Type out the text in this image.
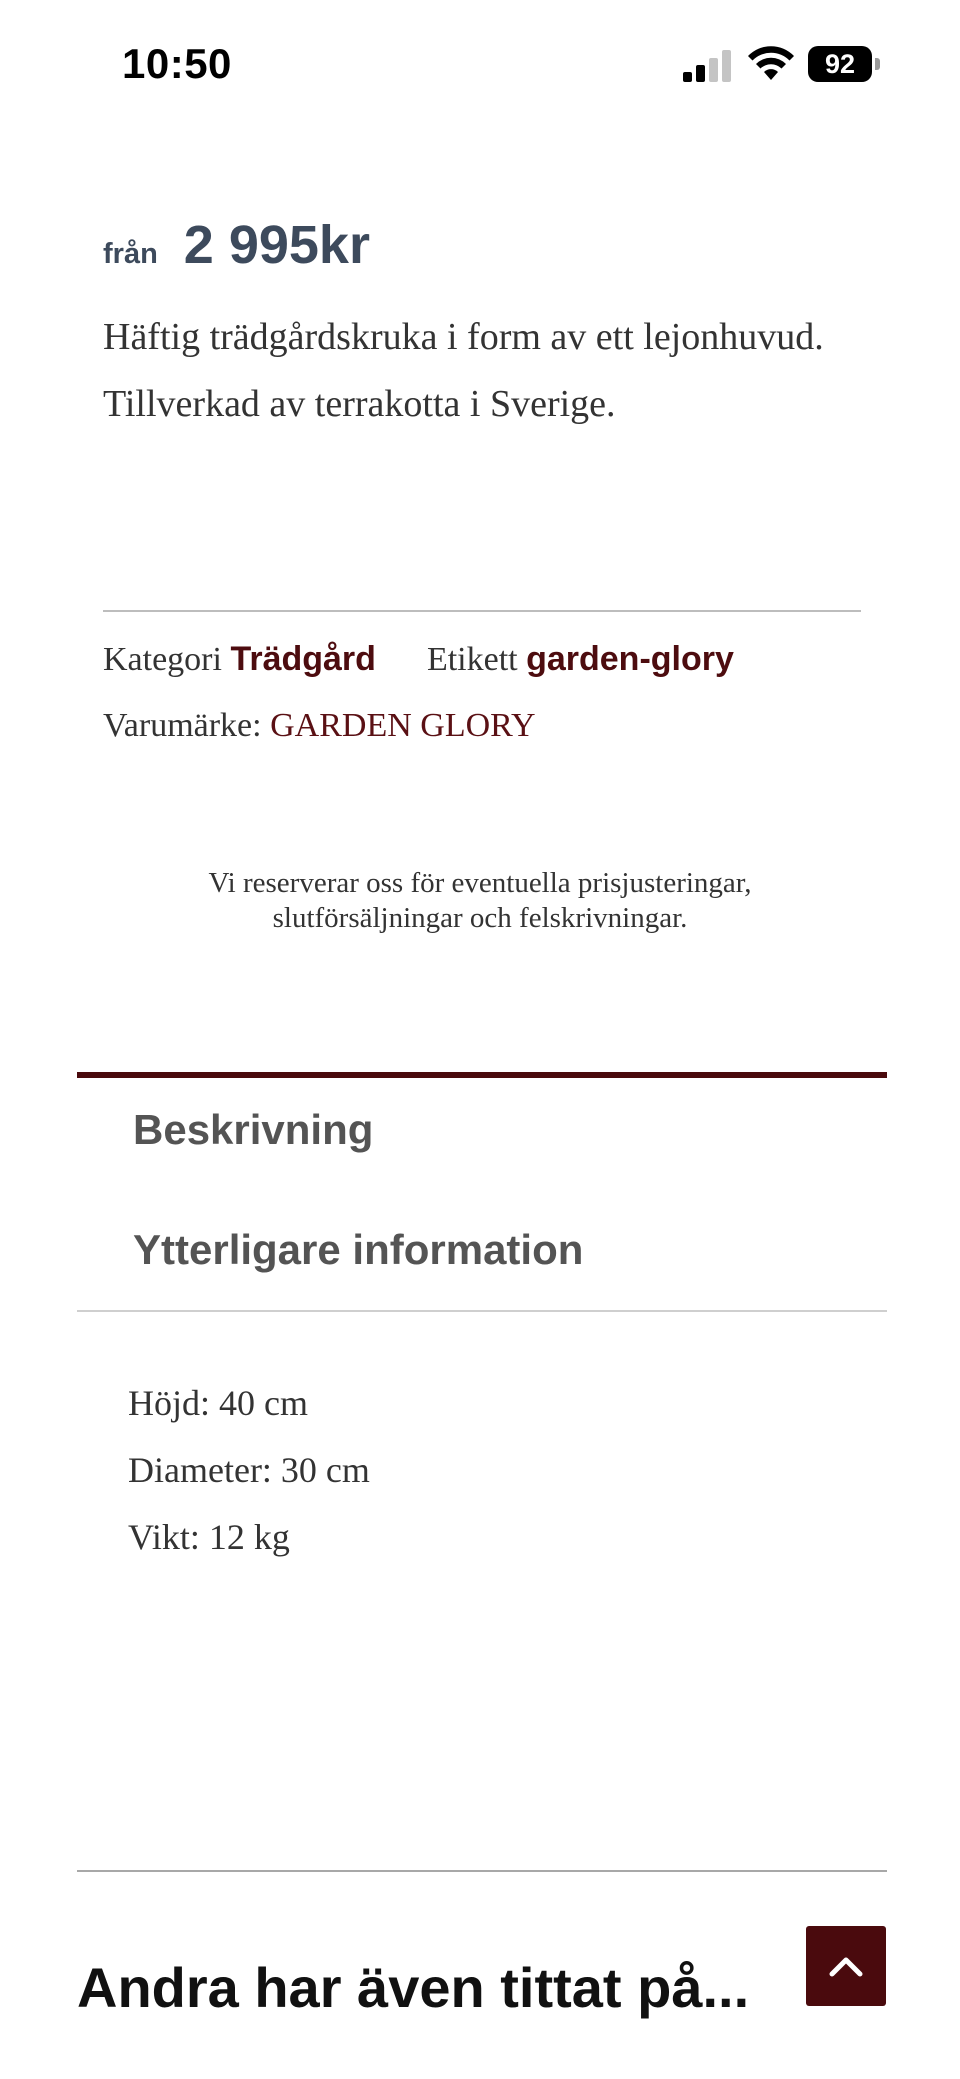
10:50	92
från 2 995kr

Häftig trädgårdskruka i form av ett lejonhuvud. Tillverkad av terrakotta i Sverige.

Kategori Trädgård Etikett garden-glory
Varumärke: GARDEN GLORY
Vi reserverar oss för eventuella prisjusteringar,
slutförsäljningar och felskrivningar.
Beskrivning
Ytterligare information
Höjd: 40 cm
Diameter: 30 cm
Vikt: 12 kg
Andra har även tittat på...
